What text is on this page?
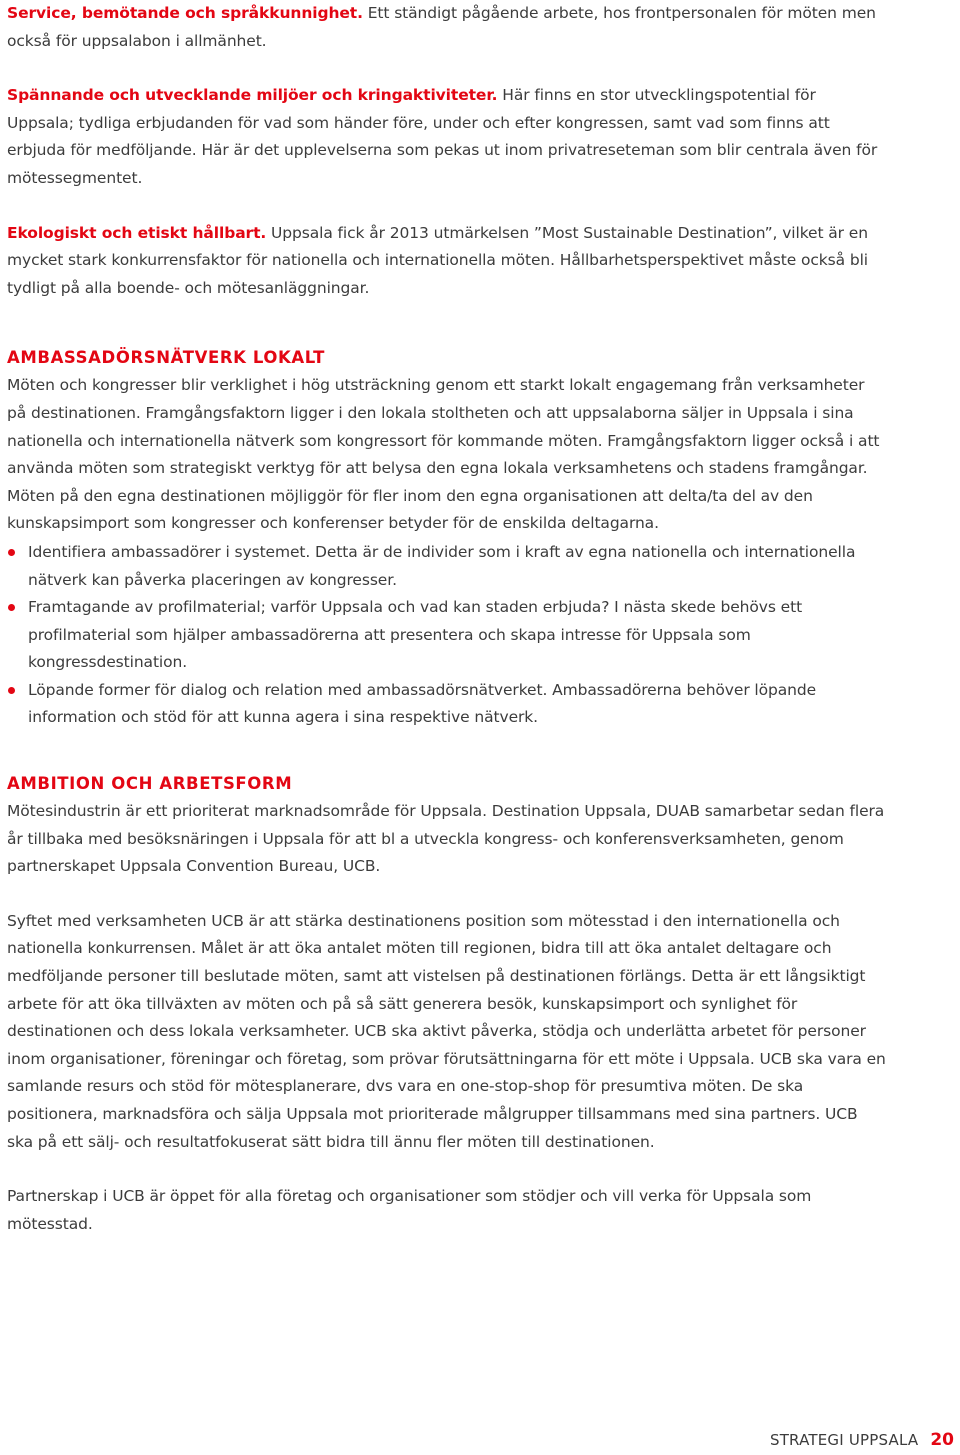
Service, bemötande och språkkunnighet. Ett ständigt pågående arbete, hos frontpersonalen för möten men också för uppsalabon i allmänhet.

Spännande och utvecklande miljöer och kringaktiviteter. Här finns en stor utvecklingspotential för Uppsala; tydliga erbjudanden för vad som händer före, under och efter kongressen, samt vad som finns att erbjuda för medföljande. Här är det upplevelserna som pekas ut inom privatreseteman som blir centrala även för mötessegmentet.

Ekologiskt och etiskt hållbart. Uppsala fick år 2013 utmärkelsen ”Most Sustainable Destination”, vilket är en mycket stark konkurrensfaktor för nationella och internationella möten. Hållbarhetsperspektivet måste också bli tydligt på alla boende- och mötesanläggningar.

AMBASSADÖRSNÄTVERK LOKALT

Möten och kongresser blir verklighet i hög utsträckning genom ett starkt lokalt engagemang från verksamheter på destinationen. Framgångsfaktorn ligger i den lokala stoltheten och att uppsalaborna säljer in Uppsala i sina nationella och internationella nätverk som kongressort för kommande möten. Framgångsfaktorn ligger också i att använda möten som strategiskt verktyg för att belysa den egna lokala verksamhetens och stadens framgångar. Möten på den egna destinationen möjliggör för fler inom den egna organisationen att delta/ta del av den kunskapsimport som kongresser och konferenser betyder för de enskilda deltagarna.

Identifiera ambassadörer i systemet. Detta är de individer som i kraft av egna nationella och internationella nätverk kan påverka placeringen av kongresser.
Framtagande av profilmaterial; varför Uppsala och vad kan staden erbjuda? I nästa skede behövs ett profilmaterial som hjälper ambassadörerna att presentera och skapa intresse för Uppsala som kongressdestination.
Löpande former för dialog och relation med ambassadörsnätverket. Ambassadörerna behöver löpande information och stöd för att kunna agera i sina respektive nätverk.
AMBITION OCH ARBETSFORM

Mötesindustrin är ett prioriterat marknadsområde för Uppsala. Destination Uppsala, DUAB samarbetar sedan flera år tillbaka med besöksnäringen i Uppsala för att bl a utveckla kongress- och konferensverksamheten, genom partnerskapet Uppsala Convention Bureau, UCB.

Syftet med verksamheten UCB är att stärka destinationens position som mötesstad i den internationella och nationella konkurrensen. Målet är att öka antalet möten till regionen, bidra till att öka antalet deltagare och medföljande personer till beslutade möten, samt att vistelsen på destinationen förlängs. Detta är ett långsiktigt arbete för att öka tillväxten av möten och på så sätt generera besök, kunskapsimport och synlighet för destinationen och dess lokala verksamheter. UCB ska aktivt påverka, stödja och underlätta arbetet för personer inom organisationer, föreningar och företag, som prövar förutsättningarna för ett möte i Uppsala. UCB ska vara en samlande resurs och stöd för mötesplanerare, dvs vara en one-stop-shop för presumtiva möten. De ska positionera, marknadsföra och sälja Uppsala mot prioriterade målgrupper tillsammans med sina partners. UCB ska på ett sälj- och resultatfokuserat sätt bidra till ännu fler möten till destinationen.

Partnerskap i UCB är öppet för alla företag och organisationer som stödjer och vill verka för Uppsala som mötesstad.

STRATEGI UPPSALA 20
